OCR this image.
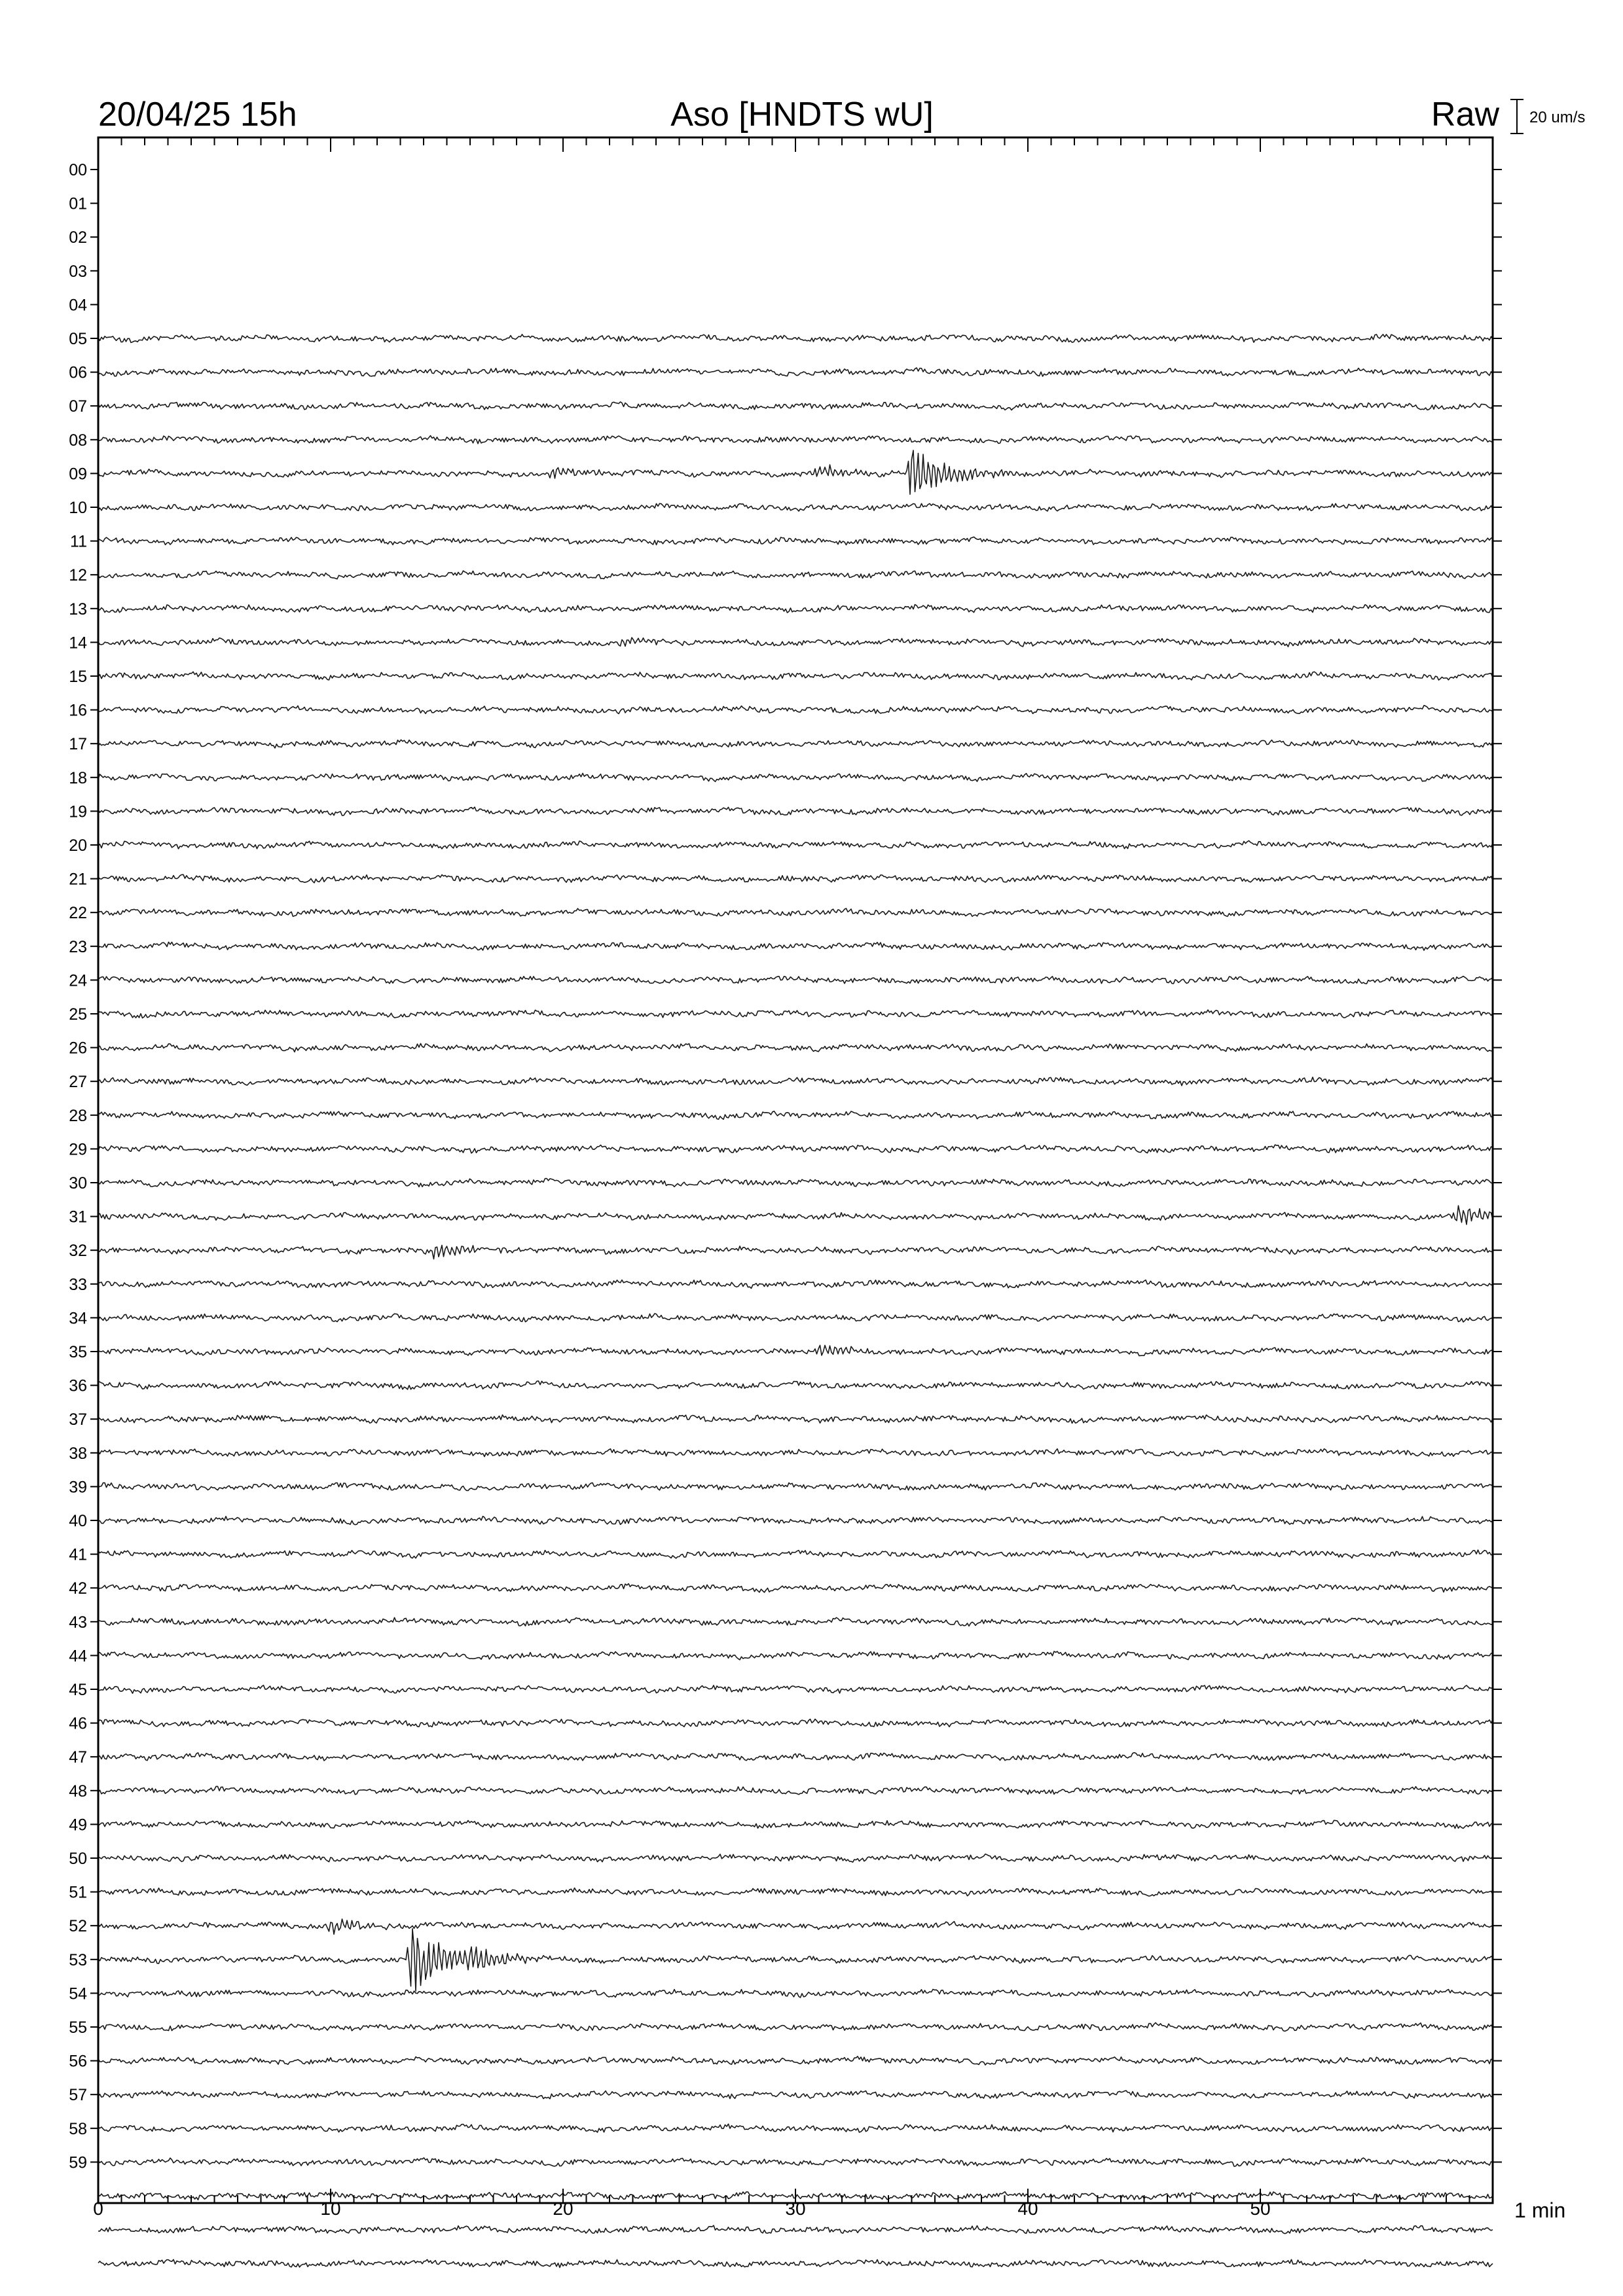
20/04/25 15h	Aso [HNDTS wU]	Raw 20 um/s
00
01
02
03
04
05
06
07
08
09
10
11
12
13
14
15
16
17
18
19
20
21
22
23
24
25
26
27
28
29
30
31
32
33
34
35
36
37
38
39
40
41
42
43
44
45
46
47
48
49
50
51
52
53
54
55
56
57
58
59
0	10	20	30	40	50	1 min
